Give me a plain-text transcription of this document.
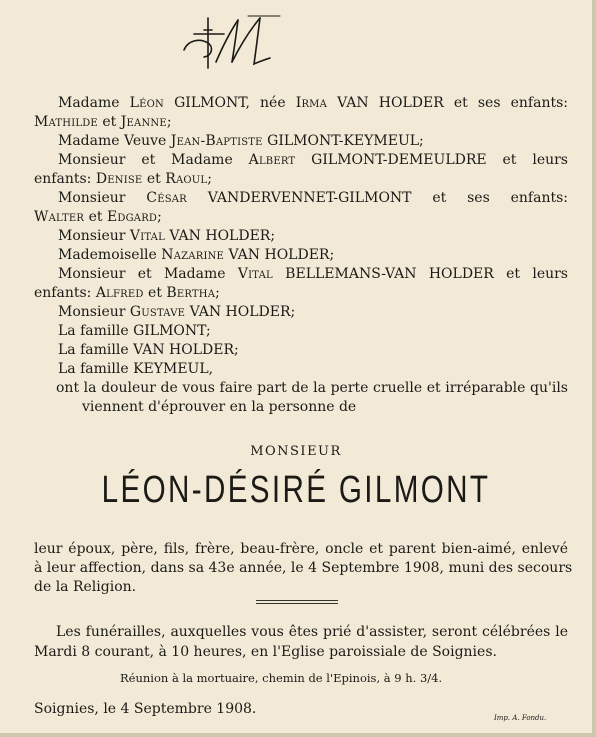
Madame Léon GILMONT, née Irma VAN HOLDER et ses enfants:
Mathilde et Jeanne;
Madame Veuve Jean-Baptiste GILMONT-KEYMEUL;
Monsieur et Madame Albert GILMONT-DEMEULDRE et leurs
enfants: Denise et Raoul;
Monsieur César VANDERVENNET-GILMONT et ses enfants:
Walter et Edgard;
Monsieur Vital VAN HOLDER;
Mademoiselle Nazarine VAN HOLDER;
Monsieur et Madame Vital BELLEMANS-VAN HOLDER et leurs
enfants: Alfred et Bertha;
Monsieur Gustave VAN HOLDER;
La famille GILMONT;
La famille VAN HOLDER;
La famille KEYMEUL,
ont la douleur de vous faire part de la perte cruelle et irréparable qu'ils
viennent d'éprouver en la personne de
MONSIEUR
LÉON-DÉSIRÉ GILMONT
leur époux, père, fils, frère, beau-frère, oncle et parent bien-aimé, enlevé
à leur affection, dans sa 43e année, le 4 Septembre 1908, muni des secours
de la Religion.
Les funérailles, auxquelles vous êtes prié d'assister, seront célébrées le
Mardi 8 courant, à 10 heures, en l'Eglise paroissiale de Soignies.
Réunion à la mortuaire, chemin de l'Epinois, à 9 h. 3/4.
Soignies, le 4 Septembre 1908.
Imp. A. Fondu.
